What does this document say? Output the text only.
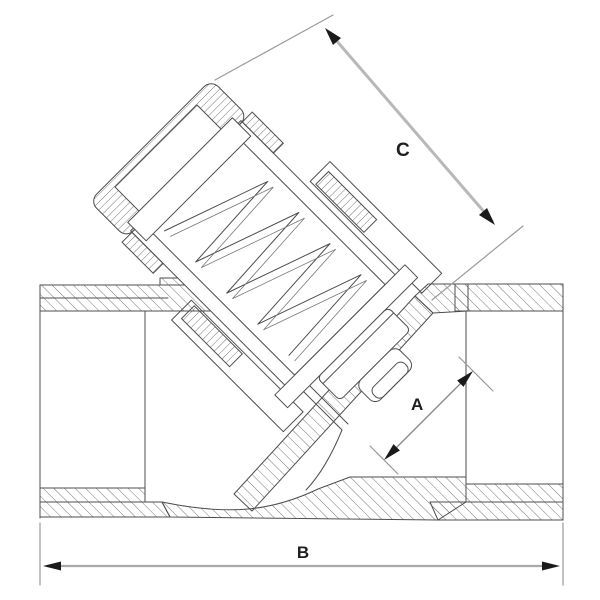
C
A
B
